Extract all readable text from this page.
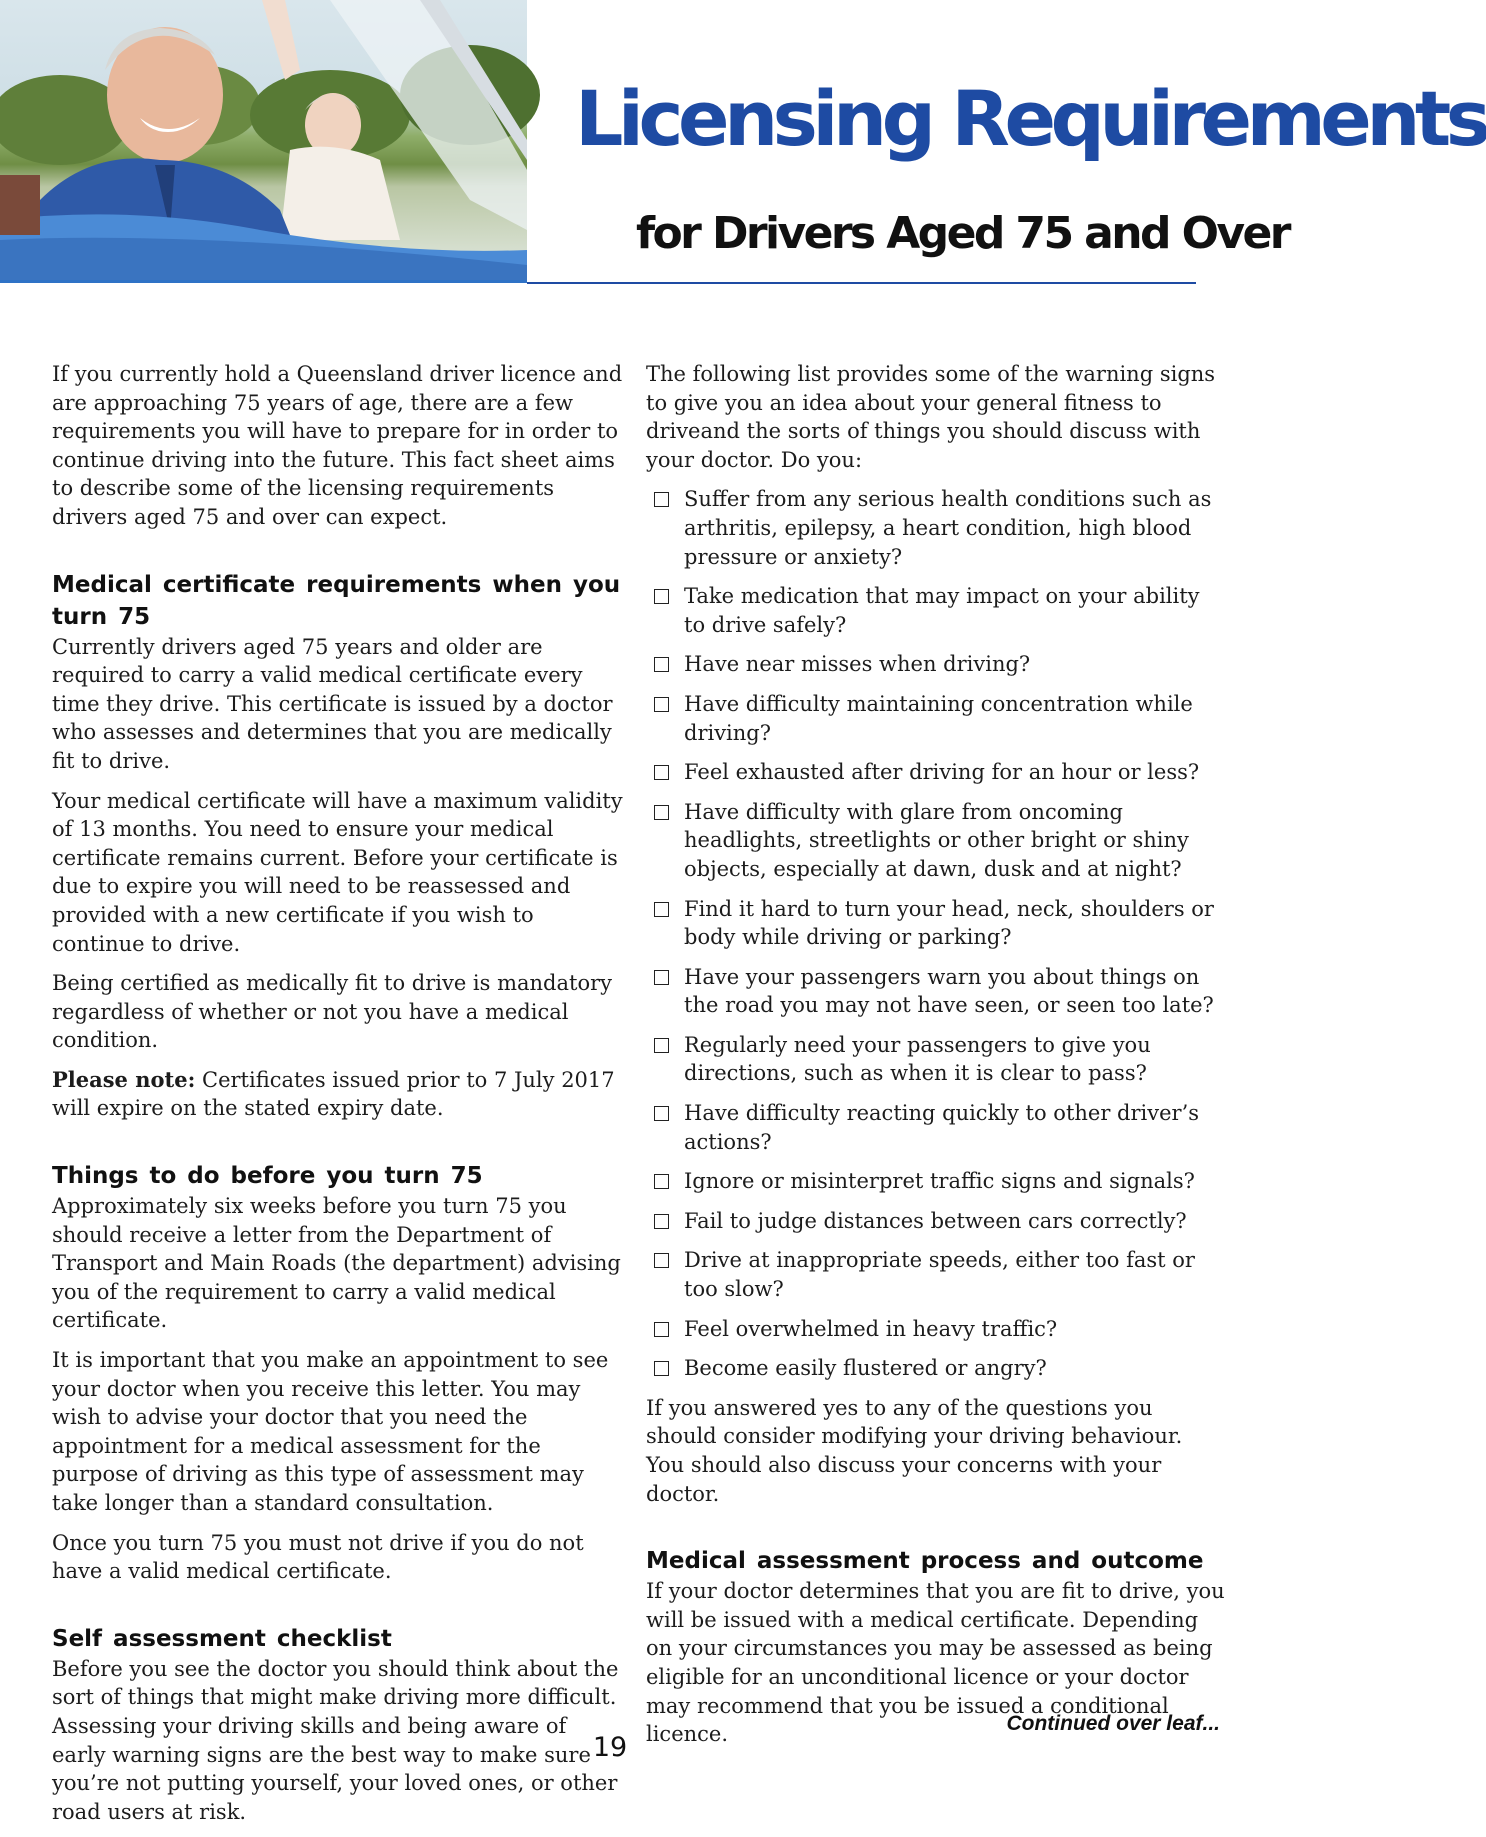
Licensing Requirements
for Drivers Aged 75 and Over

If you currently hold a Queensland driver licence and are approaching 75 years of age, there are a few requirements you will have to prepare for in order to continue driving into the future. This fact sheet aims to describe some of the licensing requirements drivers aged 75 and over can expect.

Medical certificate requirements when you turn 75

Currently drivers aged 75 years and older are required to carry a valid medical certificate every time they drive. This certificate is issued by a doctor who assesses and determines that you are medically fit to drive.

Your medical certificate will have a maximum validity of 13 months. You need to ensure your medical certificate remains current. Before your certificate is due to expire you will need to be reassessed and provided with a new certificate if you wish to continue to drive.

Being certified as medically fit to drive is mandatory regardless of whether or not you have a medical condition.

Please note: Certificates issued prior to 7 July 2017 will expire on the stated expiry date.

Things to do before you turn 75

Approximately six weeks before you turn 75 you should receive a letter from the Department of Transport and Main Roads (the department) advising you of the requirement to carry a valid medical certificate.

It is important that you make an appointment to see your doctor when you receive this letter. You may wish to advise your doctor that you need the appointment for a medical assessment for the purpose of driving as this type of assessment may take longer than a standard consultation.

Once you turn 75 you must not drive if you do not have a valid medical certificate.

Self assessment checklist

Before you see the doctor you should think about the sort of things that might make driving more difficult. Assessing your driving skills and being aware of early warning signs are the best way to make sure you’re not putting yourself, your loved ones, or other road users at risk.

The following list provides some of the warning signs to give you an idea about your general fitness to driveand the sorts of things you should discuss with your doctor. Do you:

Suffer from any serious health conditions such as arthritis, epilepsy, a heart condition, high blood pressure or anxiety?
Take medication that may impact on your ability to drive safely?
Have near misses when driving?
Have difficulty maintaining concentration while driving?
Feel exhausted after driving for an hour or less?
Have difficulty with glare from oncoming headlights, streetlights or other bright or shiny objects, especially at dawn, dusk and at night?
Find it hard to turn your head, neck, shoulders or body while driving or parking?
Have your passengers warn you about things on the road you may not have seen, or seen too late?
Regularly need your passengers to give you directions, such as when it is clear to pass?
Have difficulty reacting quickly to other driver’s actions?
Ignore or misinterpret traffic signs and signals?
Fail to judge distances between cars correctly?
Drive at inappropriate speeds, either too fast or too slow?
Feel overwhelmed in heavy traffic?
Become easily flustered or angry?

If you answered yes to any of the questions you should consider modifying your driving behaviour. You should also discuss your concerns with your doctor.

Medical assessment process and outcome

If your doctor determines that you are fit to drive, you will be issued with a medical certificate. Depending on your circumstances you may be assessed as being eligible for an unconditional licence or your doctor may recommend that you be issued a conditional licence.	Continued over leaf...
19
